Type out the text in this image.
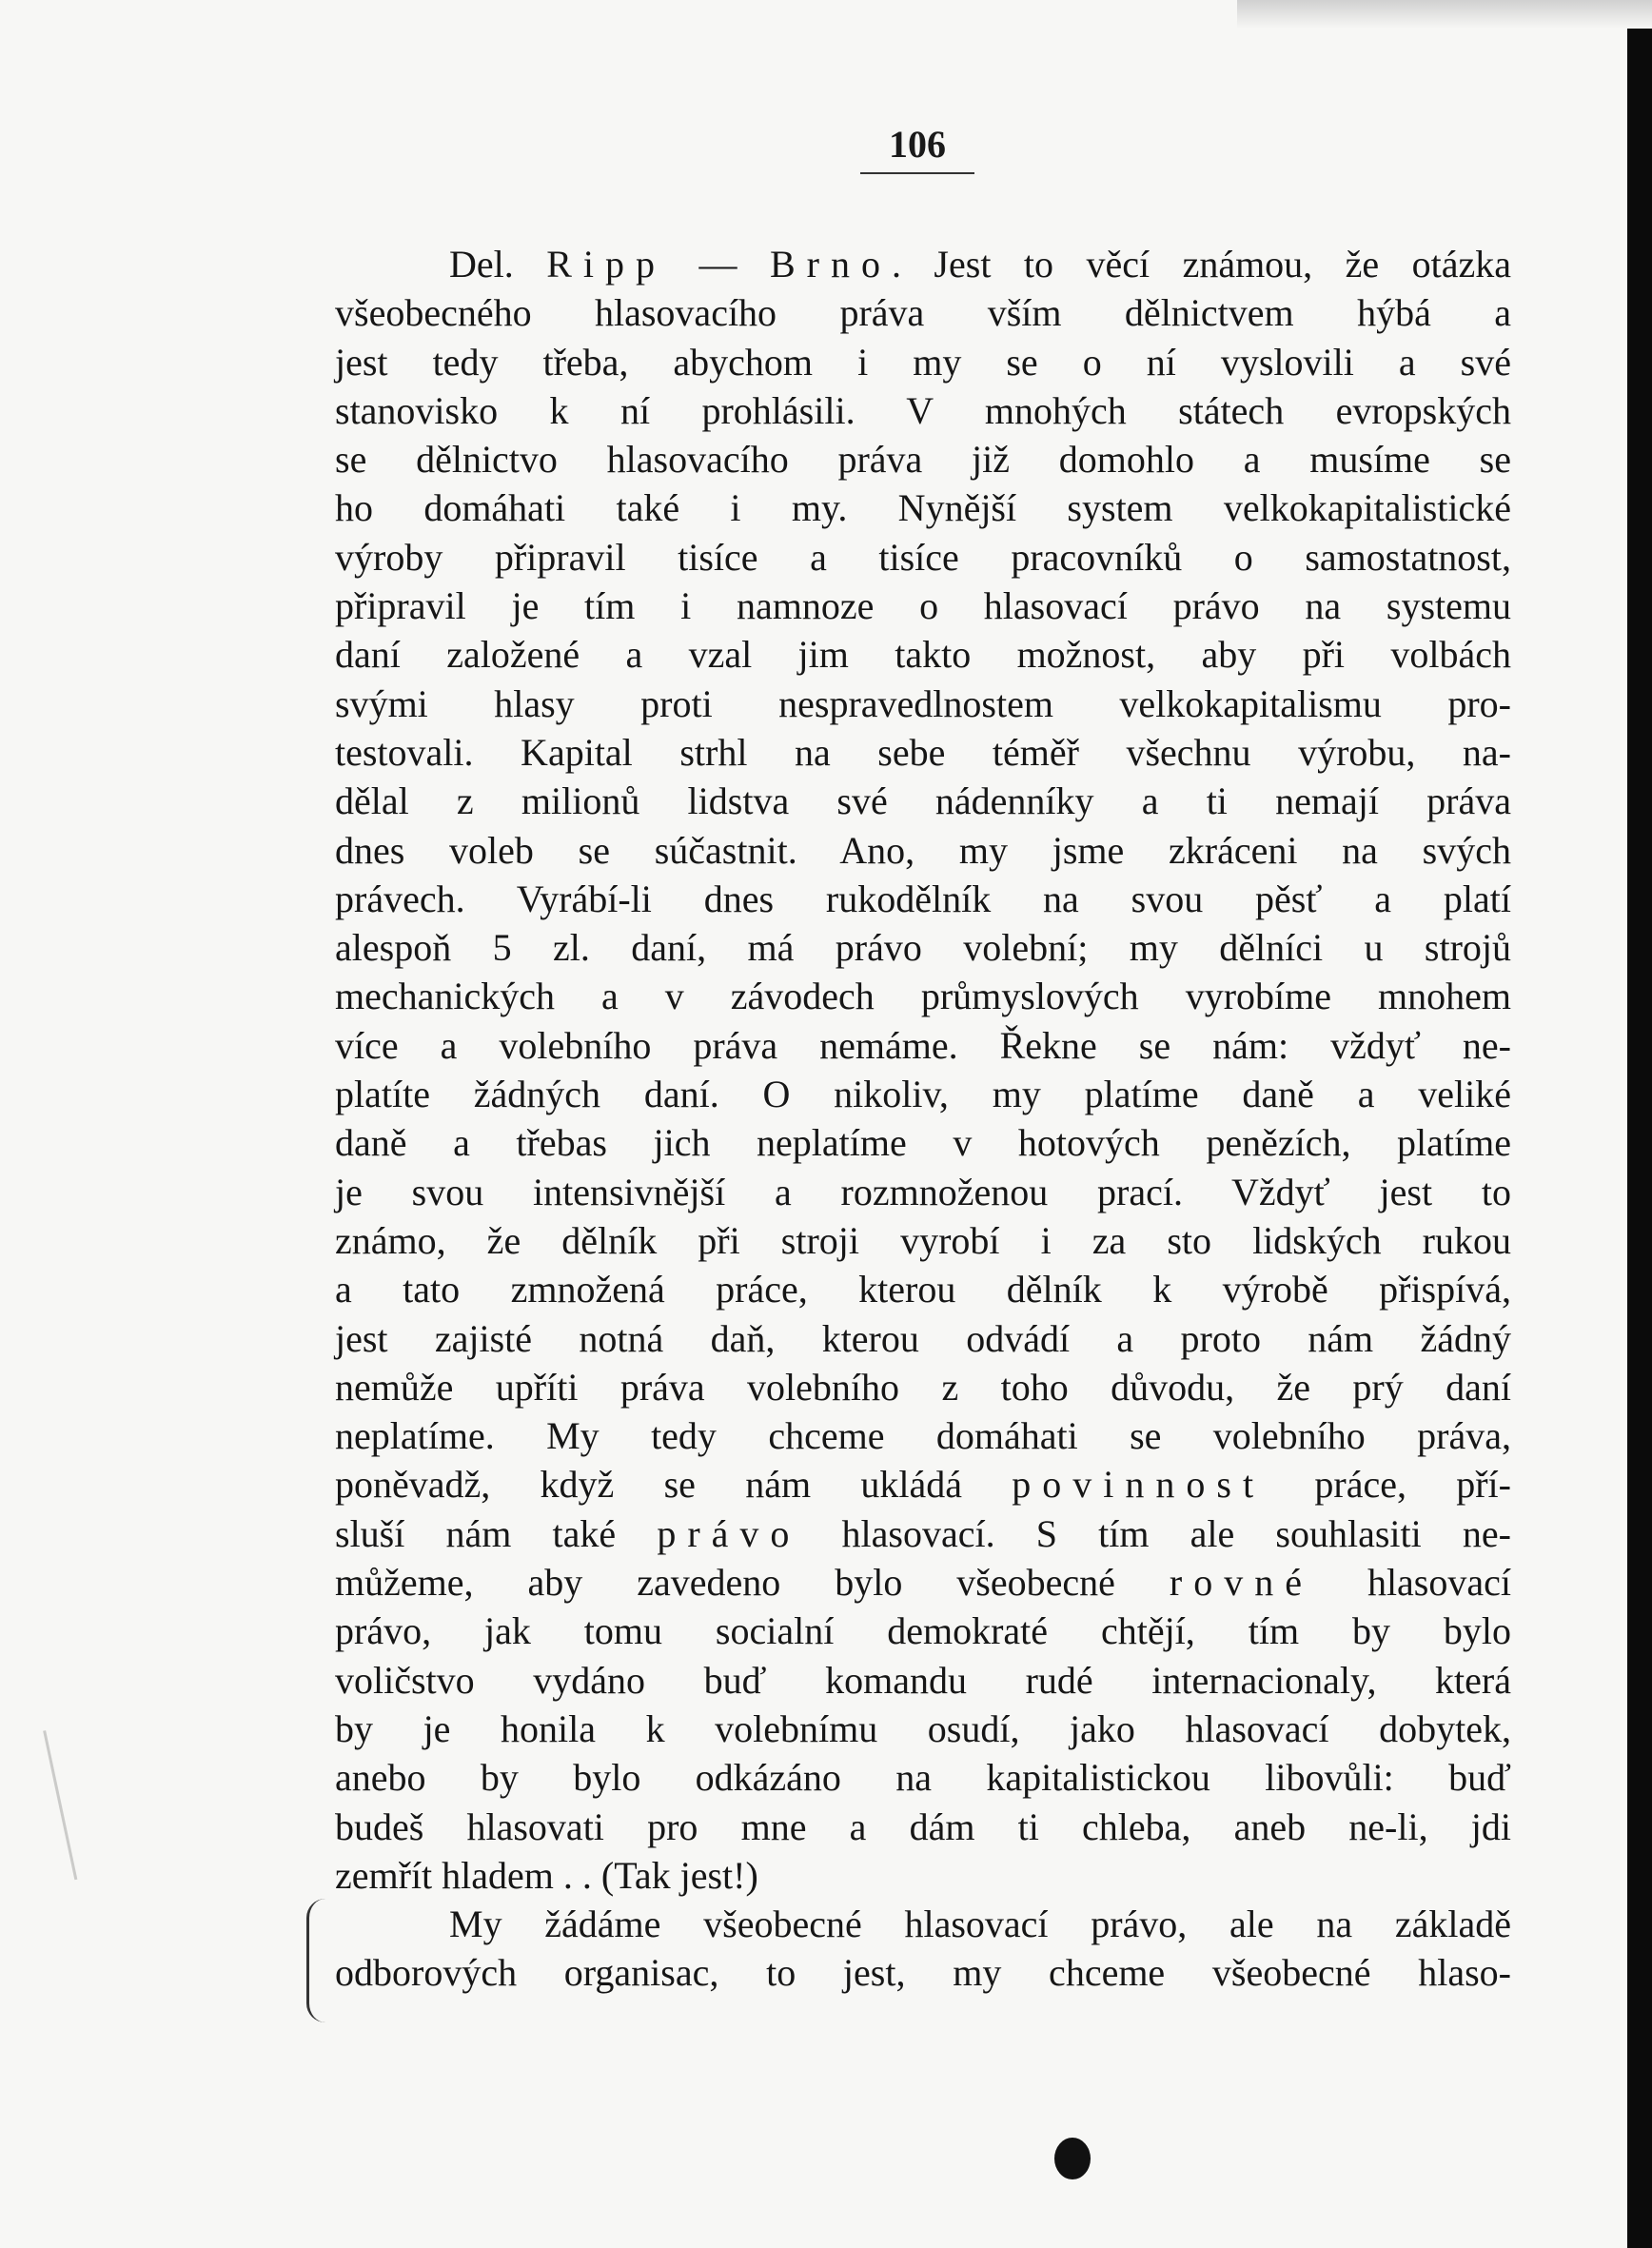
106
Del. Ripp — Brno. Jest to věcí známou, že otázka
všeobecného hlasovacího práva vším dělnictvem hýbá a
jest tedy třeba, abychom i my se o ní vyslovili a své
stanovisko k ní prohlásili. V mnohých státech evropských
se dělnictvo hlasovacího práva již domohlo a musíme se
ho domáhati také i my. Nynější system velkokapitalistické
výroby připravil tisíce a tisíce pracovníků o samostatnost,
připravil je tím i namnoze o hlasovací právo na systemu
daní založené a vzal jim takto možnost, aby při volbách
svými hlasy proti nespravedlnostem velkokapitalismu pro-
testovali. Kapital strhl na sebe téměř všechnu výrobu, na-
dělal z milionů lidstva své nádenníky a ti nemají práva
dnes voleb se súčastnit. Ano, my jsme zkráceni na svých
právech. Vyrábí-li dnes rukodělník na svou pěsť a platí
alespoň 5 zl. daní, má právo volební; my dělníci u strojů
mechanických a v závodech průmyslových vyrobíme mnohem
více a volebního práva nemáme. Řekne se nám: vždyť ne-
platíte žádných daní. O nikoliv, my platíme daně a veliké
daně a třebas jich neplatíme v hotových penězích, platíme
je svou intensivnější a rozmnoženou prací. Vždyť jest to
známo, že dělník při stroji vyrobí i za sto lidských rukou
a tato zmnožená práce, kterou dělník k výrobě přispívá,
jest zajisté notná daň, kterou odvádí a proto nám žádný
nemůže upříti práva volebního z toho důvodu, že prý daní
neplatíme. My tedy chceme domáhati se volebního práva,
poněvadž, když se nám ukládá povinnost práce, pří-
sluší nám také právo hlasovací. S tím ale souhlasiti ne-
můžeme, aby zavedeno bylo všeobecné rovné hlasovací
právo, jak tomu socialní demokraté chtějí, tím by bylo
voličstvo vydáno buď komandu rudé internacionaly, která
by je honila k volebnímu osudí, jako hlasovací dobytek,
anebo by bylo odkázáno na kapitalistickou libovůli: buď
budeš hlasovati pro mne a dám ti chleba, aneb ne-li, jdi
zemřít hladem . . (Tak jest!)
My žádáme všeobecné hlasovací právo, ale na základě
odborových organisac, to jest, my chceme všeobecné hlaso-
